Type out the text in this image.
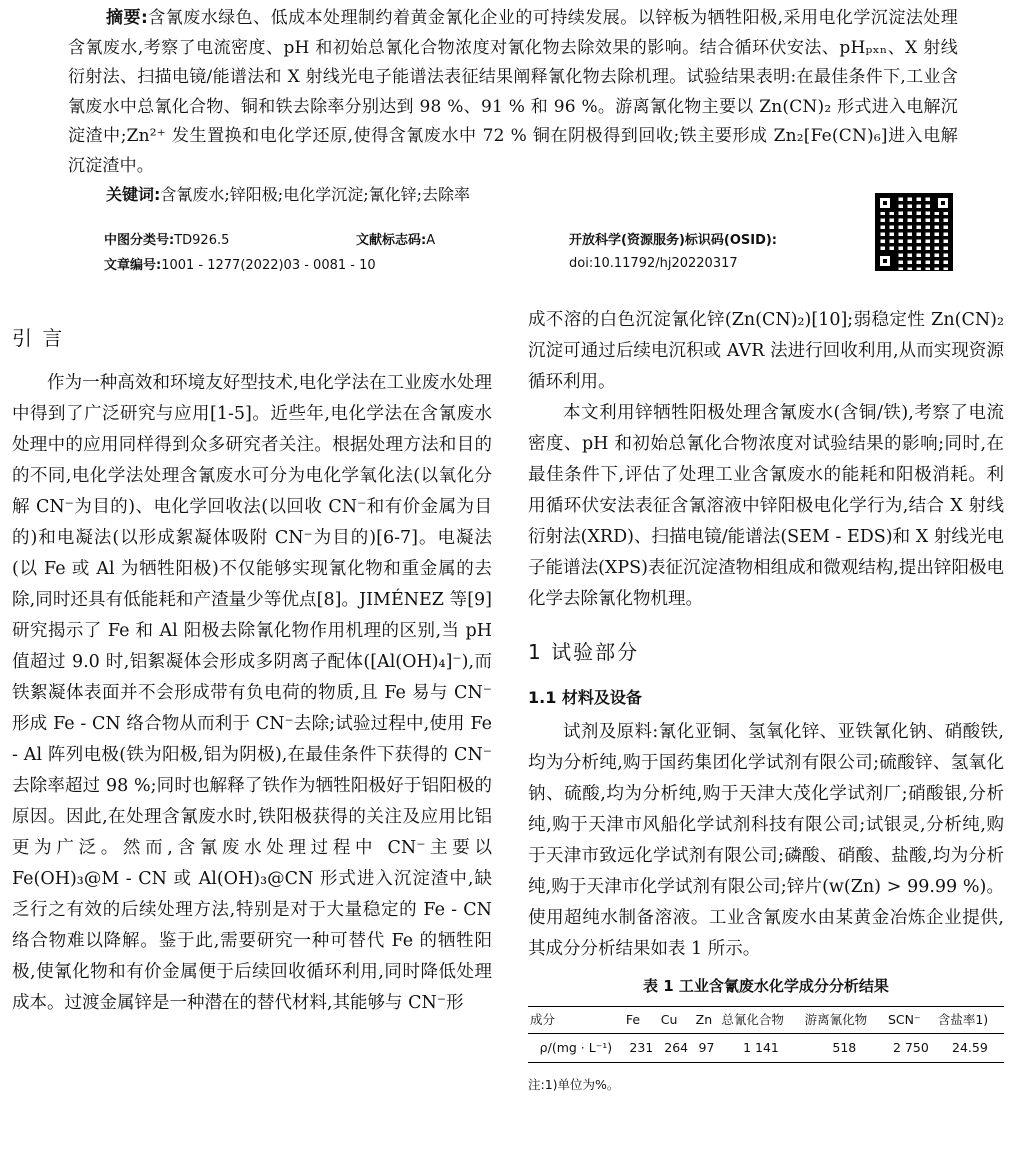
摘要:含氰废水绿色、低成本处理制约着黄金氰化企业的可持续发展。以锌板为牺牲阳极,采用电化学沉淀法处理含氰废水,考察了电流密度、pH 和初始总氰化合物浓度对氰化物去除效果的影响。结合循环伏安法、pHₚₓₙ、X 射线衍射法、扫描电镜/能谱法和 X 射线光电子能谱法表征结果阐释氰化物去除机理。试验结果表明:在最佳条件下,工业含氰废水中总氰化合物、铜和铁去除率分别达到 98 %、91 % 和 96 %。游离氰化物主要以 Zn(CN)₂ 形式进入电解沉淀渣中;Zn²⁺ 发生置换和电化学还原,使得含氰废水中 72 % 铜在阴极得到回收;铁主要形成 Zn₂[Fe(CN)₆]进入电解沉淀渣中。

关键词:含氰废水;锌阳极;电化学沉淀;氰化锌;去除率

中图分类号:TD926.5	文献标志码:A	开放科学(资源服务)标识码(OSID):
文章编号:1001 - 1277(2022)03 - 0081 - 10	doi:10.11792/hj20220317
引 言

作为一种高效和环境友好型技术,电化学法在工业废水处理中得到了广泛研究与应用[1-5]。近些年,电化学法在含氰废水处理中的应用同样得到众多研究者关注。根据处理方法和目的的不同,电化学法处理含氰废水可分为电化学氧化法(以氧化分解 CN⁻为目的)、电化学回收法(以回收 CN⁻和有价金属为目的)和电凝法(以形成絮凝体吸附 CN⁻为目的)[6-7]。电凝法(以 Fe 或 Al 为牺牲阳极)不仅能够实现氰化物和重金属的去除,同时还具有低能耗和产渣量少等优点[8]。JIMÉNEZ 等[9]研究揭示了 Fe 和 Al 阳极去除氰化物作用机理的区别,当 pH 值超过 9.0 时,铝絮凝体会形成多阴离子配体([Al(OH)₄]⁻),而铁絮凝体表面并不会形成带有负电荷的物质,且 Fe 易与 CN⁻形成 Fe - CN 络合物从而利于 CN⁻去除;试验过程中,使用 Fe - Al 阵列电极(铁为阳极,铝为阴极),在最佳条件下获得的 CN⁻去除率超过 98 %;同时也解释了铁作为牺牲阳极好于铝阳极的原因。因此,在处理含氰废水时,铁阳极获得的关注及应用比铝更为广泛。然而,含氰废水处理过程中 CN⁻主要以 Fe(OH)₃@M - CN 或 Al(OH)₃@CN 形式进入沉淀渣中,缺乏行之有效的后续处理方法,特别是对于大量稳定的 Fe - CN 络合物难以降解。鉴于此,需要研究一种可替代 Fe 的牺牲阳极,使氰化物和有价金属便于后续回收循环利用,同时降低处理成本。过渡金属锌是一种潜在的替代材料,其能够与 CN⁻形

成不溶的白色沉淀氰化锌(Zn(CN)₂)[10];弱稳定性 Zn(CN)₂ 沉淀可通过后续电沉积或 AVR 法进行回收利用,从而实现资源循环利用。

本文利用锌牺牲阳极处理含氰废水(含铜/铁),考察了电流密度、pH 和初始总氰化合物浓度对试验结果的影响;同时,在最佳条件下,评估了处理工业含氰废水的能耗和阳极消耗。利用循环伏安法表征含氰溶液中锌阳极电化学行为,结合 X 射线衍射法(XRD)、扫描电镜/能谱法(SEM - EDS)和 X 射线光电子能谱法(XPS)表征沉淀渣物相组成和微观结构,提出锌阳极电化学去除氰化物机理。

1 试验部分
1.1 材料及设备

试剂及原料:氰化亚铜、氢氧化锌、亚铁氰化钠、硝酸铁,均为分析纯,购于国药集团化学试剂有限公司;硫酸锌、氢氧化钠、硫酸,均为分析纯,购于天津大茂化学试剂厂;硝酸银,分析纯,购于天津市风船化学试剂科技有限公司;试银灵,分析纯,购于天津市致远化学试剂有限公司;磷酸、硝酸、盐酸,均为分析纯,购于天津市化学试剂有限公司;锌片(w(Zn) > 99.99 %)。使用超纯水制备溶液。工业含氰废水由某黄金冶炼企业提供,其成分分析结果如表 1 所示。

表 1 工业含氰废水化学成分分析结果
成分	Fe	Cu	Zn	总氰化合物	游离氰化物	SCN⁻	含盐率1)
ρ/(mg · L⁻¹)	231	264	97	1 141	518	2 750	24.59
注:1)单位为%。
